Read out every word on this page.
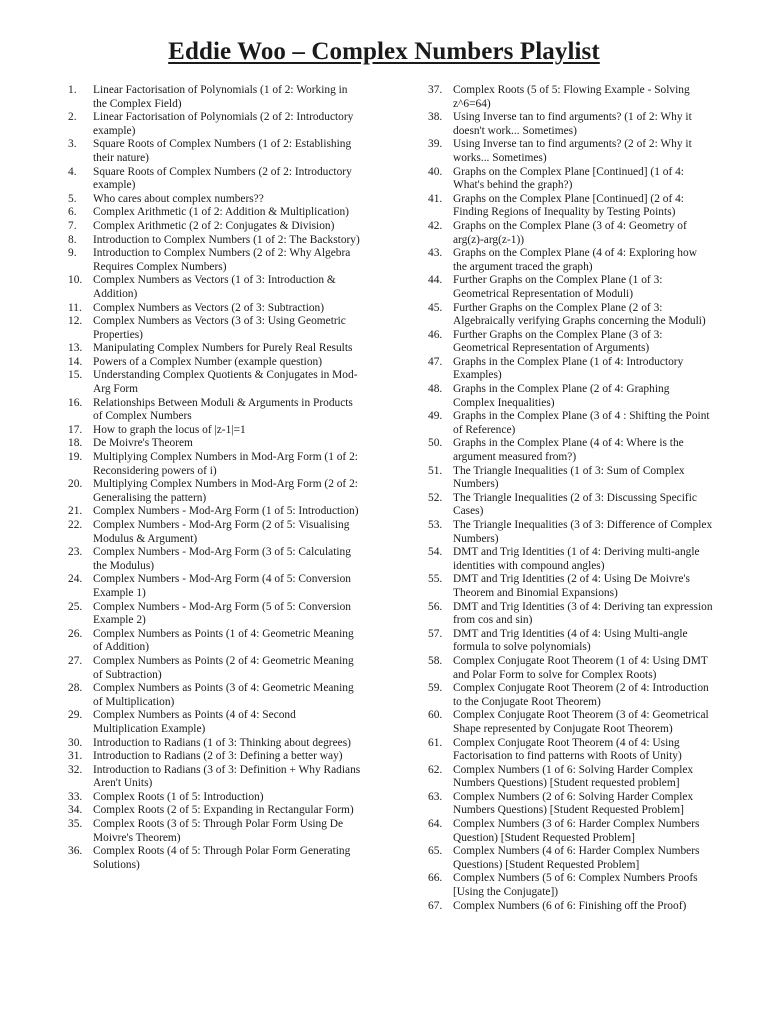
Eddie Woo – Complex Numbers Playlist
1.	Linear Factorisation of Polynomials (1 of 2: Working in the Complex Field)
2.	Linear Factorisation of Polynomials (2 of 2: Introductory example)
3.	Square Roots of Complex Numbers (1 of 2: Establishing their nature)
4.	Square Roots of Complex Numbers (2 of 2: Introductory example)
5.	Who cares about complex numbers??
6.	Complex Arithmetic (1 of 2: Addition & Multiplication)
7.	Complex Arithmetic (2 of 2: Conjugates & Division)
8.	Introduction to Complex Numbers (1 of 2: The Backstory)
9.	Introduction to Complex Numbers (2 of 2: Why Algebra Requires Complex Numbers)
10. Complex Numbers as Vectors (1 of 3: Introduction & Addition)
11. Complex Numbers as Vectors (2 of 3: Subtraction)
12. Complex Numbers as Vectors (3 of 3: Using Geometric Properties)
13. Manipulating Complex Numbers for Purely Real Results
14. Powers of a Complex Number (example question)
15. Understanding Complex Quotients & Conjugates in Mod-Arg Form
16. Relationships Between Moduli & Arguments in Products of Complex Numbers
17. How to graph the locus of |z-1|=1
18. De Moivre's Theorem
19. Multiplying Complex Numbers in Mod-Arg Form (1 of 2: Reconsidering powers of i)
20. Multiplying Complex Numbers in Mod-Arg Form (2 of 2: Generalising the pattern)
21. Complex Numbers - Mod-Arg Form (1 of 5: Introduction)
22. Complex Numbers - Mod-Arg Form (2 of 5: Visualising Modulus & Argument)
23. Complex Numbers - Mod-Arg Form (3 of 5: Calculating the Modulus)
24. Complex Numbers - Mod-Arg Form (4 of 5: Conversion Example 1)
25. Complex Numbers - Mod-Arg Form (5 of 5: Conversion Example 2)
26. Complex Numbers as Points (1 of 4: Geometric Meaning of Addition)
27. Complex Numbers as Points (2 of 4: Geometric Meaning of Subtraction)
28. Complex Numbers as Points (3 of 4: Geometric Meaning of Multiplication)
29. Complex Numbers as Points (4 of 4: Second Multiplication Example)
30. Introduction to Radians (1 of 3: Thinking about degrees)
31. Introduction to Radians (2 of 3: Defining a better way)
32. Introduction to Radians (3 of 3: Definition + Why Radians Aren't Units)
33. Complex Roots (1 of 5: Introduction)
34. Complex Roots (2 of 5: Expanding in Rectangular Form)
35. Complex Roots (3 of 5: Through Polar Form Using De Moivre's Theorem)
36. Complex Roots (4 of 5: Through Polar Form Generating Solutions)
37. Complex Roots (5 of 5: Flowing Example - Solving z^6=64)
38. Using Inverse tan to find arguments? (1 of 2: Why it doesn't work... Sometimes)
39. Using Inverse tan to find arguments? (2 of 2: Why it works... Sometimes)
40. Graphs on the Complex Plane [Continued] (1 of 4: What's behind the graph?)
41. Graphs on the Complex Plane [Continued] (2 of 4: Finding Regions of Inequality by Testing Points)
42. Graphs on the Complex Plane (3 of 4: Geometry of arg(z)-arg(z-1))
43. Graphs on the Complex Plane (4 of 4: Exploring how the argument traced the graph)
44. Further Graphs on the Complex Plane (1 of 3: Geometrical Representation of Moduli)
45. Further Graphs on the Complex Plane (2 of 3: Algebraically verifying Graphs concerning the Moduli)
46. Further Graphs on the Complex Plane (3 of 3: Geometrical Representation of Arguments)
47. Graphs in the Complex Plane (1 of 4: Introductory Examples)
48. Graphs in the Complex Plane (2 of 4: Graphing Complex Inequalities)
49. Graphs in the Complex Plane (3 of 4 : Shifting the Point of Reference)
50. Graphs in the Complex Plane (4 of 4: Where is the argument measured from?)
51. The Triangle Inequalities (1 of 3: Sum of Complex Numbers)
52. The Triangle Inequalities (2 of 3: Discussing Specific Cases)
53. The Triangle Inequalities (3 of 3: Difference of Complex Numbers)
54. DMT and Trig Identities (1 of 4: Deriving multi-angle identities with compound angles)
55. DMT and Trig Identities (2 of 4: Using De Moivre's Theorem and Binomial Expansions)
56. DMT and Trig Identities (3 of 4: Deriving tan expression from cos and sin)
57. DMT and Trig Identities (4 of 4: Using Multi-angle formula to solve polynomials)
58. Complex Conjugate Root Theorem (1 of 4: Using DMT and Polar Form to solve for Complex Roots)
59. Complex Conjugate Root Theorem (2 of 4: Introduction to the Conjugate Root Theorem)
60. Complex Conjugate Root Theorem (3 of 4: Geometrical Shape represented by Conjugate Root Theorem)
61. Complex Conjugate Root Theorem (4 of 4: Using Factorisation to find patterns with Roots of Unity)
62. Complex Numbers (1 of 6: Solving Harder Complex Numbers Questions) [Student requested problem]
63. Complex Numbers (2 of 6: Solving Harder Complex Numbers Questions) [Student Requested Problem]
64. Complex Numbers (3 of 6: Harder Complex Numbers Question) [Student Requested Problem]
65. Complex Numbers (4 of 6: Harder Complex Numbers Questions) [Student Requested Problem]
66. Complex Numbers (5 of 6: Complex Numbers Proofs [Using the Conjugate])
67. Complex Numbers (6 of 6: Finishing off the Proof)
